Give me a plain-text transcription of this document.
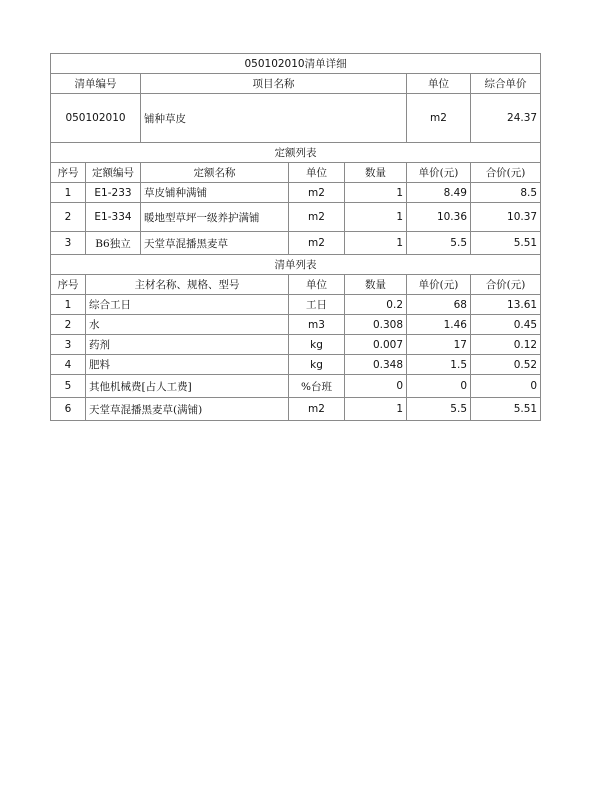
050102010清单详细						
清单编号		项目名称			单位	综合单价
050102010		铺种草皮			m2	24.37
定额列表						
序号	定额编号	定额名称	单位	数量	单价(元)	合价(元)
1	E1-233	草皮铺种满铺	m2	1	8.49	8.5
2	E1-334	暖地型草坪一级养护满铺	m2	1	10.36	10.37
3	B6独立	天堂草混播黑麦草	m2	1	5.5	5.51
清单列表						
序号	主材名称、规格、型号		单位	数量	单价(元)	合价(元)
1	综合工日		工日	0.2	68	13.61
2	水		m3	0.308	1.46	0.45
3	药剂		kg	0.007	17	0.12
4	肥料		kg	0.348	1.5	0.52
5	其他机械费[占人工费]		%台班	0	0	0
6	天堂草混播黑麦草(满铺)		m2	1	5.5	5.51
